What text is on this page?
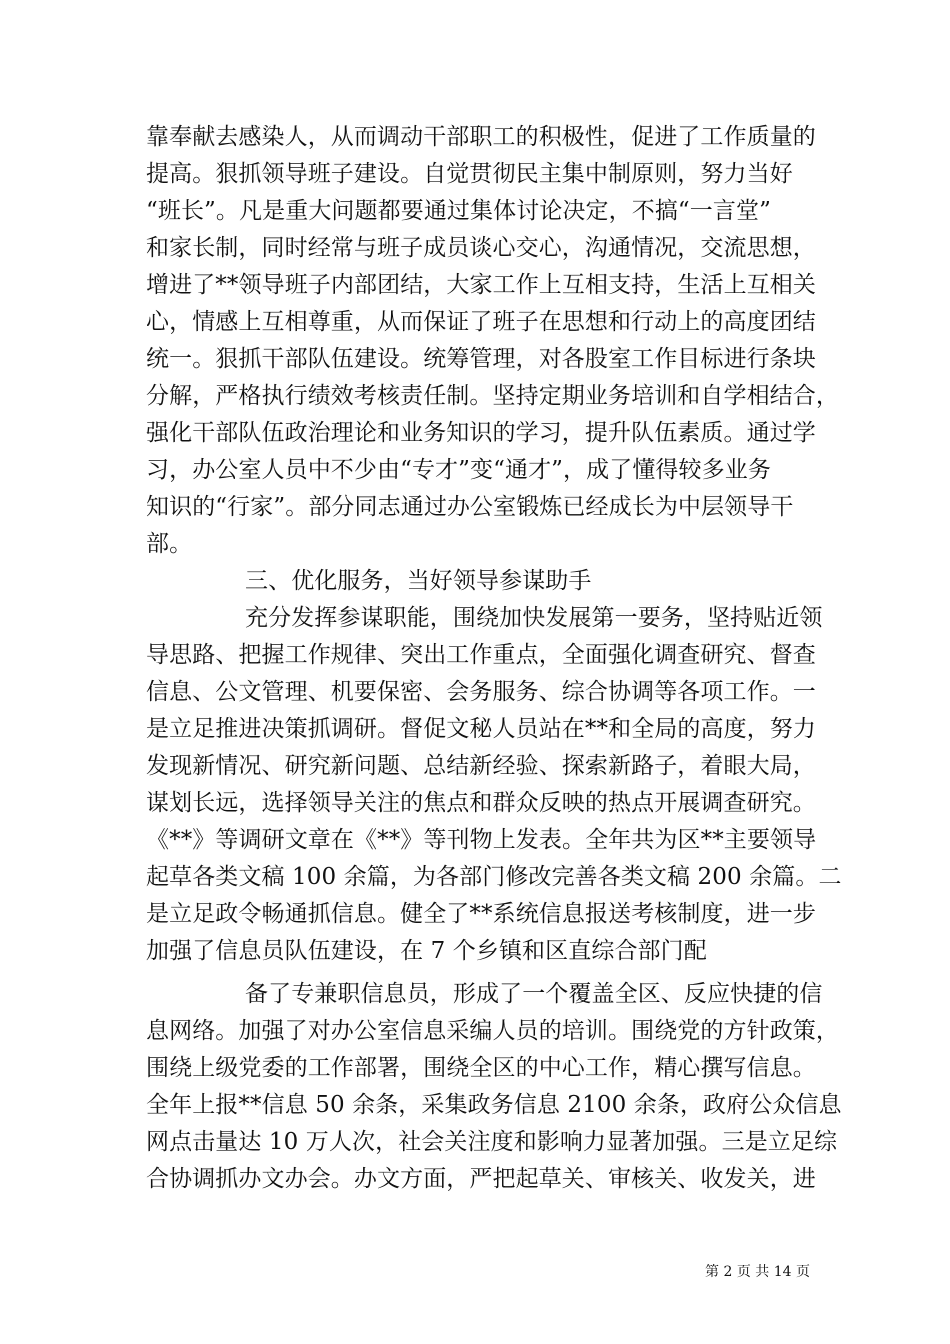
靠奉献去感染人，从而调动干部职工的积极性，促进了工作质量的
提高。狠抓领导班子建设。自觉贯彻民主集中制原则，努力当好
“班长”。凡是重大问题都要通过集体讨论决定，不搞“一言堂”
和家长制，同时经常与班子成员谈心交心，沟通情况，交流思想，
增进了**领导班子内部团结，大家工作上互相支持，生活上互相关
心，情感上互相尊重，从而保证了班子在思想和行动上的高度团结
统一。狠抓干部队伍建设。统筹管理，对各股室工作目标进行条块
分解，严格执行绩效考核责任制。坚持定期业务培训和自学相结合，
强化干部队伍政治理论和业务知识的学习，提升队伍素质。通过学
习，办公室人员中不少由“专才”变“通才”，成了懂得较多业务
知识的“行家”。部分同志通过办公室锻炼已经成长为中层领导干
部。
三、优化服务，当好领导参谋助手
充分发挥参谋职能，围绕加快发展第一要务，坚持贴近领
导思路、把握工作规律、突出工作重点，全面强化调查研究、督查
信息、公文管理、机要保密、会务服务、综合协调等各项工作。一
是立足推进决策抓调研。督促文秘人员站在**和全局的高度，努力
发现新情况、研究新问题、总结新经验、探索新路子，着眼大局，
谋划长远，选择领导关注的焦点和群众反映的热点开展调查研究。
《**》等调研文章在《**》等刊物上发表。全年共为区**主要领导
起草各类文稿 100 余篇，为各部门修改完善各类文稿 200 余篇。二
是立足政令畅通抓信息。健全了**系统信息报送考核制度，进一步
加强了信息员队伍建设，在 7 个乡镇和区直综合部门配
备了专兼职信息员，形成了一个覆盖全区、反应快捷的信
息网络。加强了对办公室信息采编人员的培训。围绕党的方针政策，
围绕上级党委的工作部署，围绕全区的中心工作，精心撰写信息。
全年上报**信息 50 余条，采集政务信息 2100 余条，政府公众信息
网点击量达 10 万人次，社会关注度和影响力显著加强。三是立足综
合协调抓办文办会。办文方面，严把起草关、审核关、收发关，进
第 2 页 共 14 页
